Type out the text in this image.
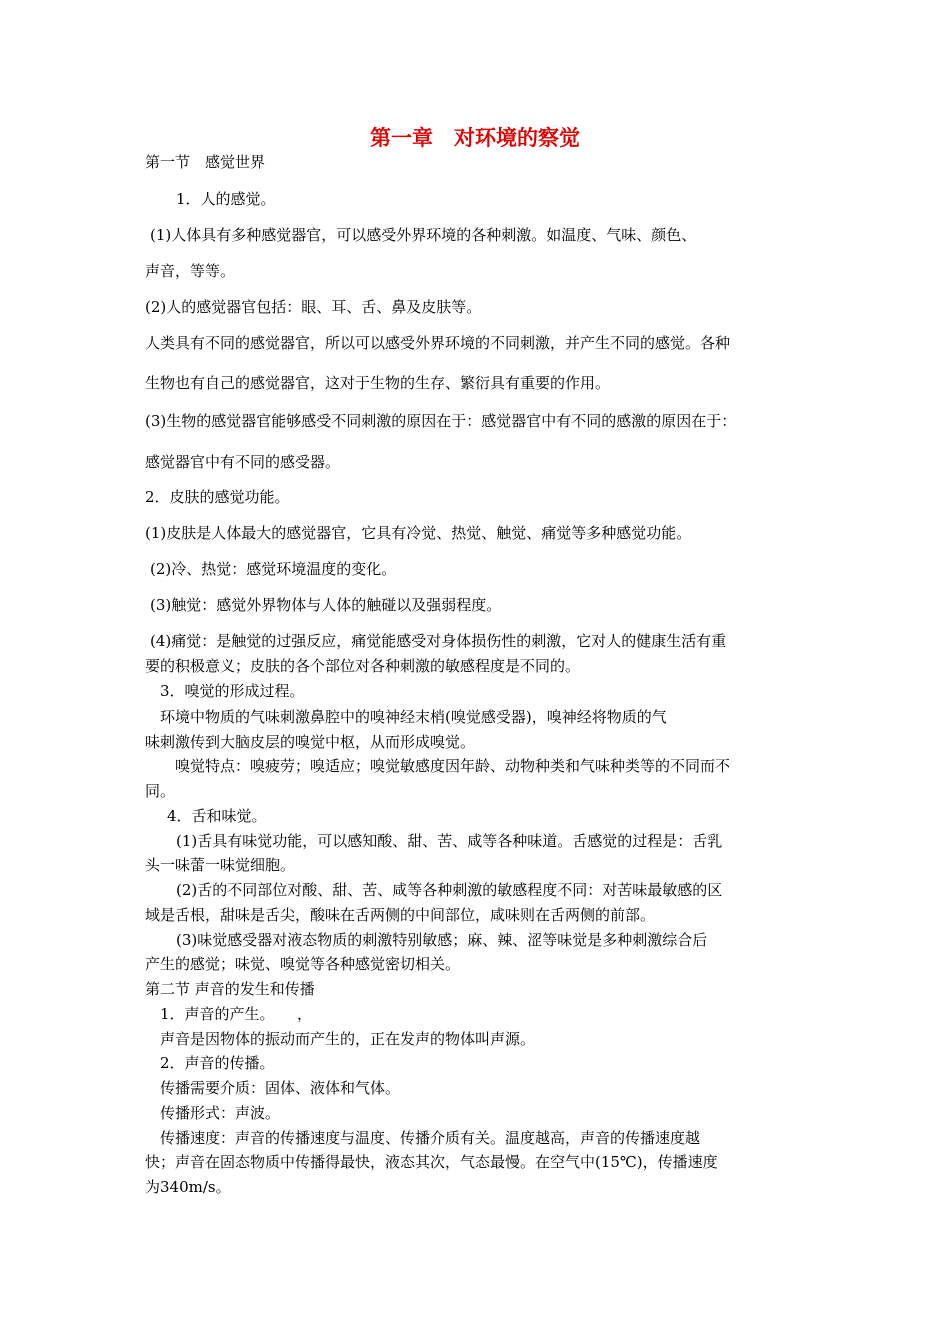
第一章　对环境的察觉
第一节　感觉世界
1．人的感觉。
(1)人体具有多种感觉器官，可以感受外界环境的各种刺激。如温度、气味、颜色、
声音，等等。
(2)人的感觉器官包括：眼、耳、舌、鼻及皮肤等。
人类具有不同的感觉器官，所以可以感受外界环境的不同刺激，并产生不同的感觉。各种
生物也有自己的感觉器官，这对于生物的生存、繁衍具有重要的作用。
(3)生物的感觉器官能够感受不同刺激的原因在于：感觉器官中有不同的感激的原因在于：
感觉器官中有不同的感受器。
2．皮肤的感觉功能。
(1)皮肤是人体最大的感觉器官，它具有冷觉、热觉、触觉、痛觉等多种感觉功能。
(2)冷、热觉：感觉环境温度的变化。
(3)触觉：感觉外界物体与人体的触碰以及强弱程度。
(4)痛觉：是触觉的过强反应，痛觉能感受对身体损伤性的刺激，它对人的健康生活有重
要的积极意义；皮肤的各个部位对各种刺激的敏感程度是不同的。
3．嗅觉的形成过程。
环境中物质的气味刺激鼻腔中的嗅神经末梢(嗅觉感受器)，嗅神经将物质的气
味刺激传到大脑皮层的嗅觉中枢，从而形成嗅觉。
嗅觉特点：嗅疲劳；嗅适应；嗅觉敏感度因年龄、动物种类和气味种类等的不同而不
同。
4．舌和味觉。
(1)舌具有味觉功能，可以感知酸、甜、苦、咸等各种味道。舌感觉的过程是：舌乳
头一味蕾一味觉细胞。
(2)舌的不同部位对酸、甜、苦、咸等各种刺激的敏感程度不同：对苦味最敏感的区
域是舌根，甜味是舌尖，酸味在舌两侧的中间部位，咸味则在舌两侧的前部。
(3)味觉感受器对液态物质的刺激特别敏感；麻、辣、涩等味觉是多种刺激综合后
产生的感觉；味觉、嗅觉等各种感觉密切相关。
第二节 声音的发生和传播
1．声音的产生。　　，
声音是因物体的振动而产生的，正在发声的物体叫声源。
2．声音的传播。
传播需要介质：固体、液体和气体。
传播形式：声波。
传播速度：声音的传播速度与温度、传播介质有关。温度越高，声音的传播速度越
快；声音在固态物质中传播得最快，液态其次，气态最慢。在空气中(15℃)，传播速度
为340m/s。
